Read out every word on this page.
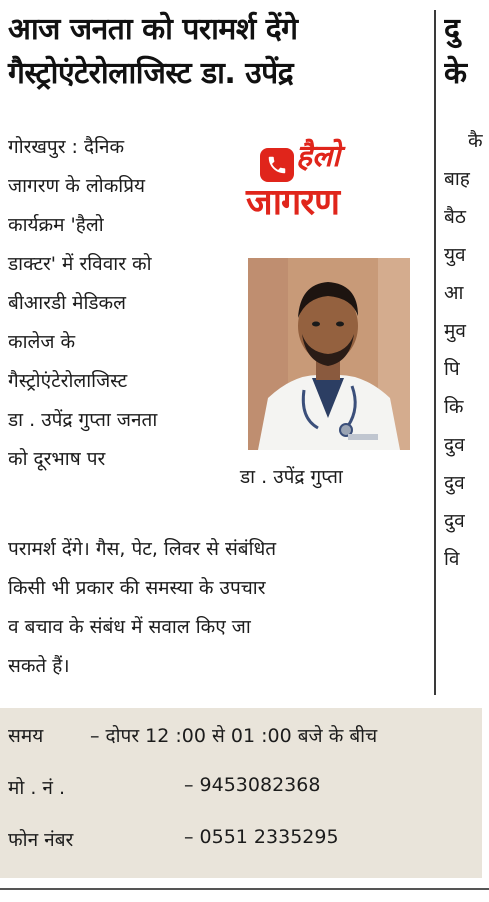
आज जनता को परामर्श देंगे
गैस्ट्रोएंटेरोलाजिस्ट डा. उपेंद्र
गोरखपुर : दैनिक
जागरण के लोकप्रिय
कार्यक्रम 'हैलो
डाक्टर' में रविवार को
बीआरडी मेडिकल
कालेज के
गैस्ट्रोएंटेरोलाजिस्ट
डा . उपेंद्र गुप्ता जनता
को दूरभाष पर
परामर्श देंगे। गैस, पेट, लिवर से संबंधित
किसी भी प्रकार की समस्या के उपचार
व बचाव के संबंध में सवाल किए जा
सकते हैं।
हैलो
जागरण
डा . उपेंद्र गुप्ता
दु
के
कै
बाह
बैठ
युव
आ
मुव
पि
कि
दुव
दुव
दुव
वि
समय – दोपर 12 :00 से 01 :00 बजे के बीच
मो . नं .	– 9453082368
फोन नंबर	– 0551 2335295
